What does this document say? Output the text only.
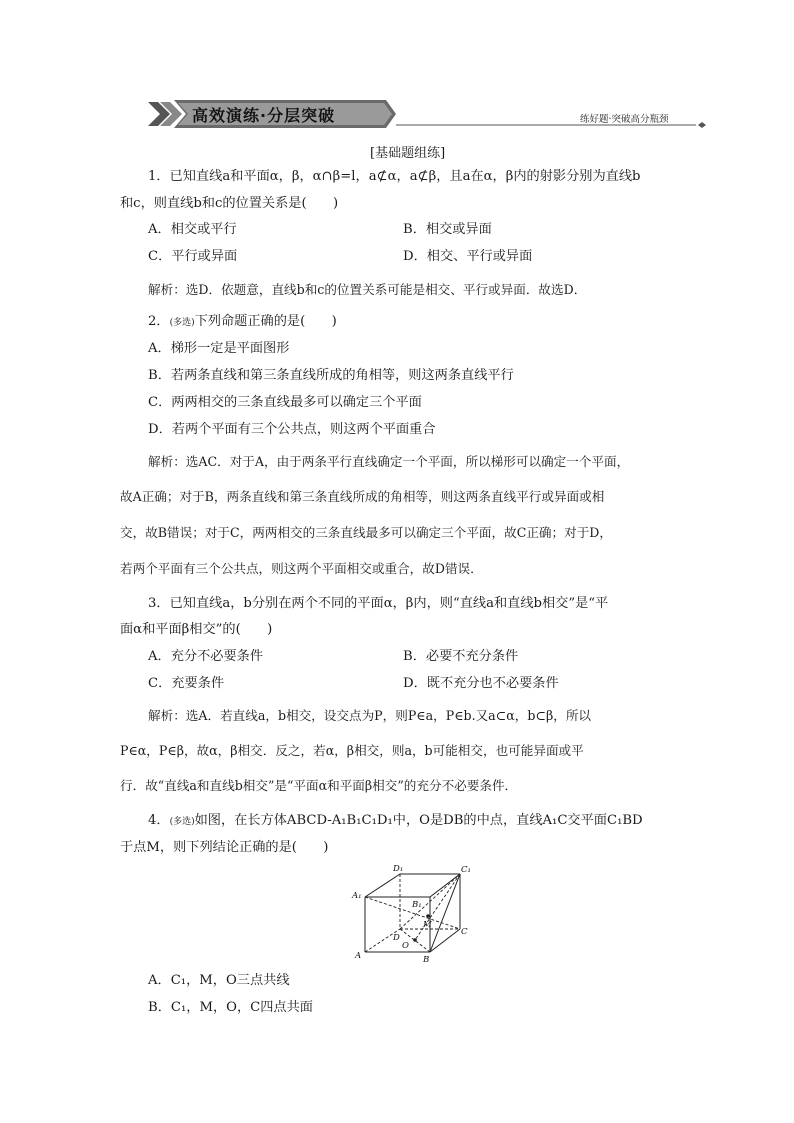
高效演练·分层突破	练好题·突破高分瓶颈
[基础题组练]
1．已知直线a和平面α，β，α∩β=l，a⊄α，a⊄β，且a在α，β内的射影分别为直线b
和c，则直线b和c的位置关系是(　　)
A．相交或平行	B．相交或异面
C．平行或异面	D．相交、平行或异面
解析：选D．依题意，直线b和c的位置关系可能是相交、平行或异面．故选D．
2．(多选)下列命题正确的是(　　)
A．梯形一定是平面图形
B．若两条直线和第三条直线所成的角相等，则这两条直线平行
C．两两相交的三条直线最多可以确定三个平面
D．若两个平面有三个公共点，则这两个平面重合
解析：选AC．对于A，由于两条平行直线确定一个平面，所以梯形可以确定一个平面，
故A正确；对于B，两条直线和第三条直线所成的角相等，则这两条直线平行或异面或相
交，故B错误；对于C，两两相交的三条直线最多可以确定三个平面，故C正确；对于D，
若两个平面有三个公共点，则这两个平面相交或重合，故D错误．
3．已知直线a，b分别在两个不同的平面α，β内，则“直线a和直线b相交”是“平
面α和平面β相交”的(　　)
A．充分不必要条件	B．必要不充分条件
C．充要条件	D．既不充分也不必要条件
解析：选A．若直线a，b相交，设交点为P，则P∈a，P∈b.又a⊂α，b⊂β，所以
P∈α，P∈β，故α，β相交．反之，若α，β相交，则a，b可能相交，也可能异面或平
行．故“直线a和直线b相交”是“平面α和平面β相交”的充分不必要条件．
4．(多选)如图，在长方体ABCD-A₁B₁C₁D₁中，O是DB的中点，直线A₁C交平面C₁BD
于点M，则下列结论正确的是(　　)
D₁	C₁
A₁
B₁
M
D
O
C
A	B
A．C₁，M，O三点共线
B．C₁，M，O，C四点共面
